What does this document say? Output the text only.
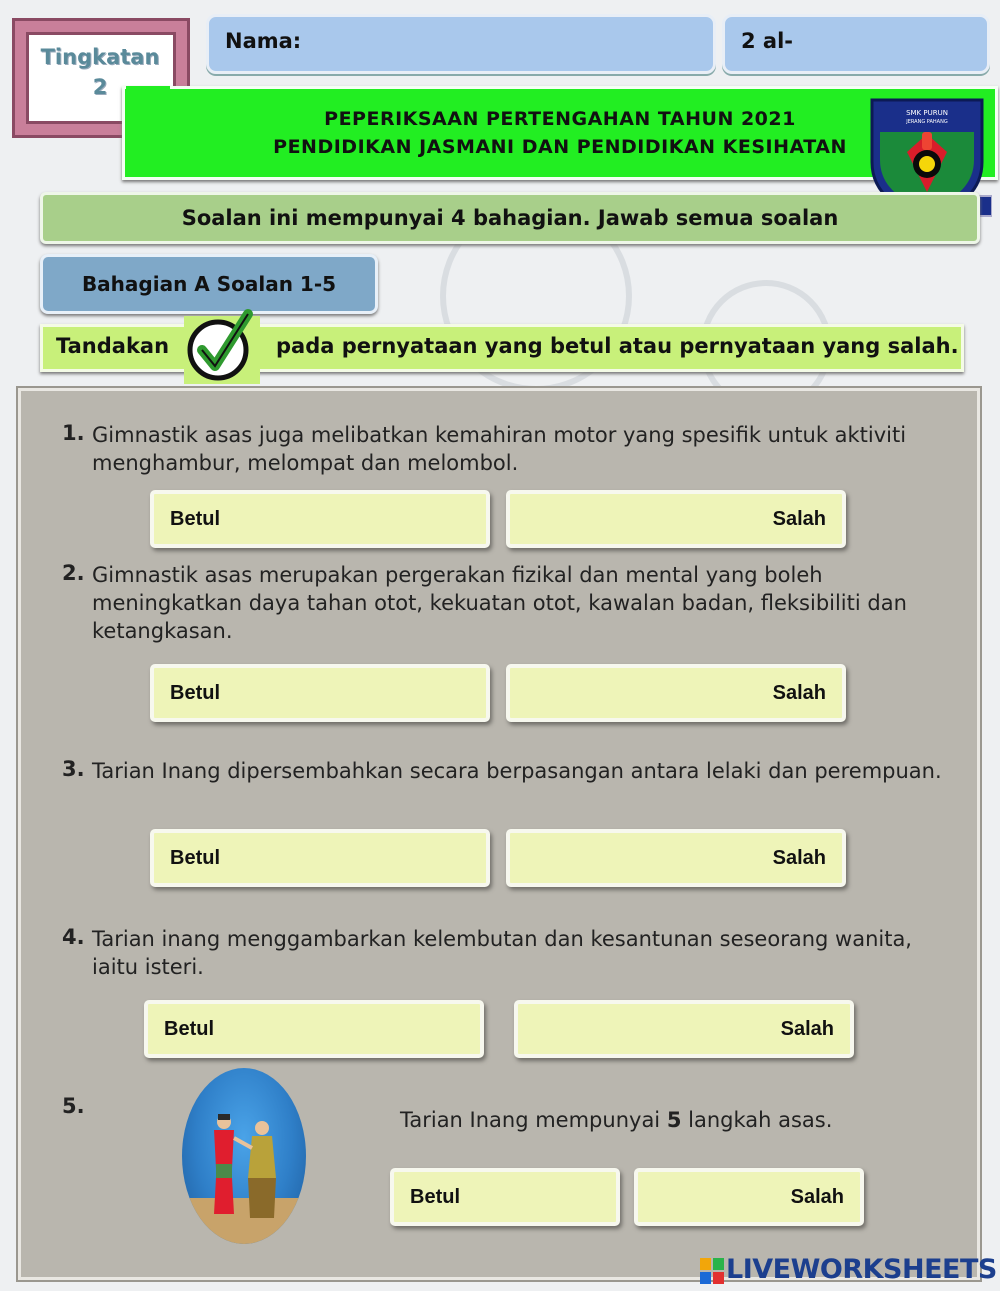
Tingkatan
2
Nama:	2 al-
PEPERIKSAAN PERTENGAHAN TAHUN 2021
PENDIDIKAN JASMANI DAN PENDIDIKAN KESIHATAN
SMK PURUN
JERANG PAHANG
Soalan ini mempunyai 4 bahagian. Jawab semua soalan
Bahagian A Soalan 1-5
Tandakan	pada pernyataan yang betul atau pernyataan yang salah.
1. Gimnastik asas juga melibatkan kemahiran motor yang spesifik untuk aktiviti menghambur, melompat dan melombol.
Betul	Salah
2. Gimnastik asas merupakan pergerakan fizikal dan mental yang boleh meningkatkan daya tahan otot, kekuatan otot, kawalan badan, fleksibiliti dan ketangkasan.
Betul	Salah
3. Tarian Inang dipersembahkan secara berpasangan antara lelaki dan perempuan.
Betul	Salah
4. Tarian inang menggambarkan kelembutan dan kesantunan seseorang wanita, iaitu isteri.
Betul	Salah
5.
Tarian Inang mempunyai 5 langkah asas.
Betul	Salah
LIVEWORKSHEETS
